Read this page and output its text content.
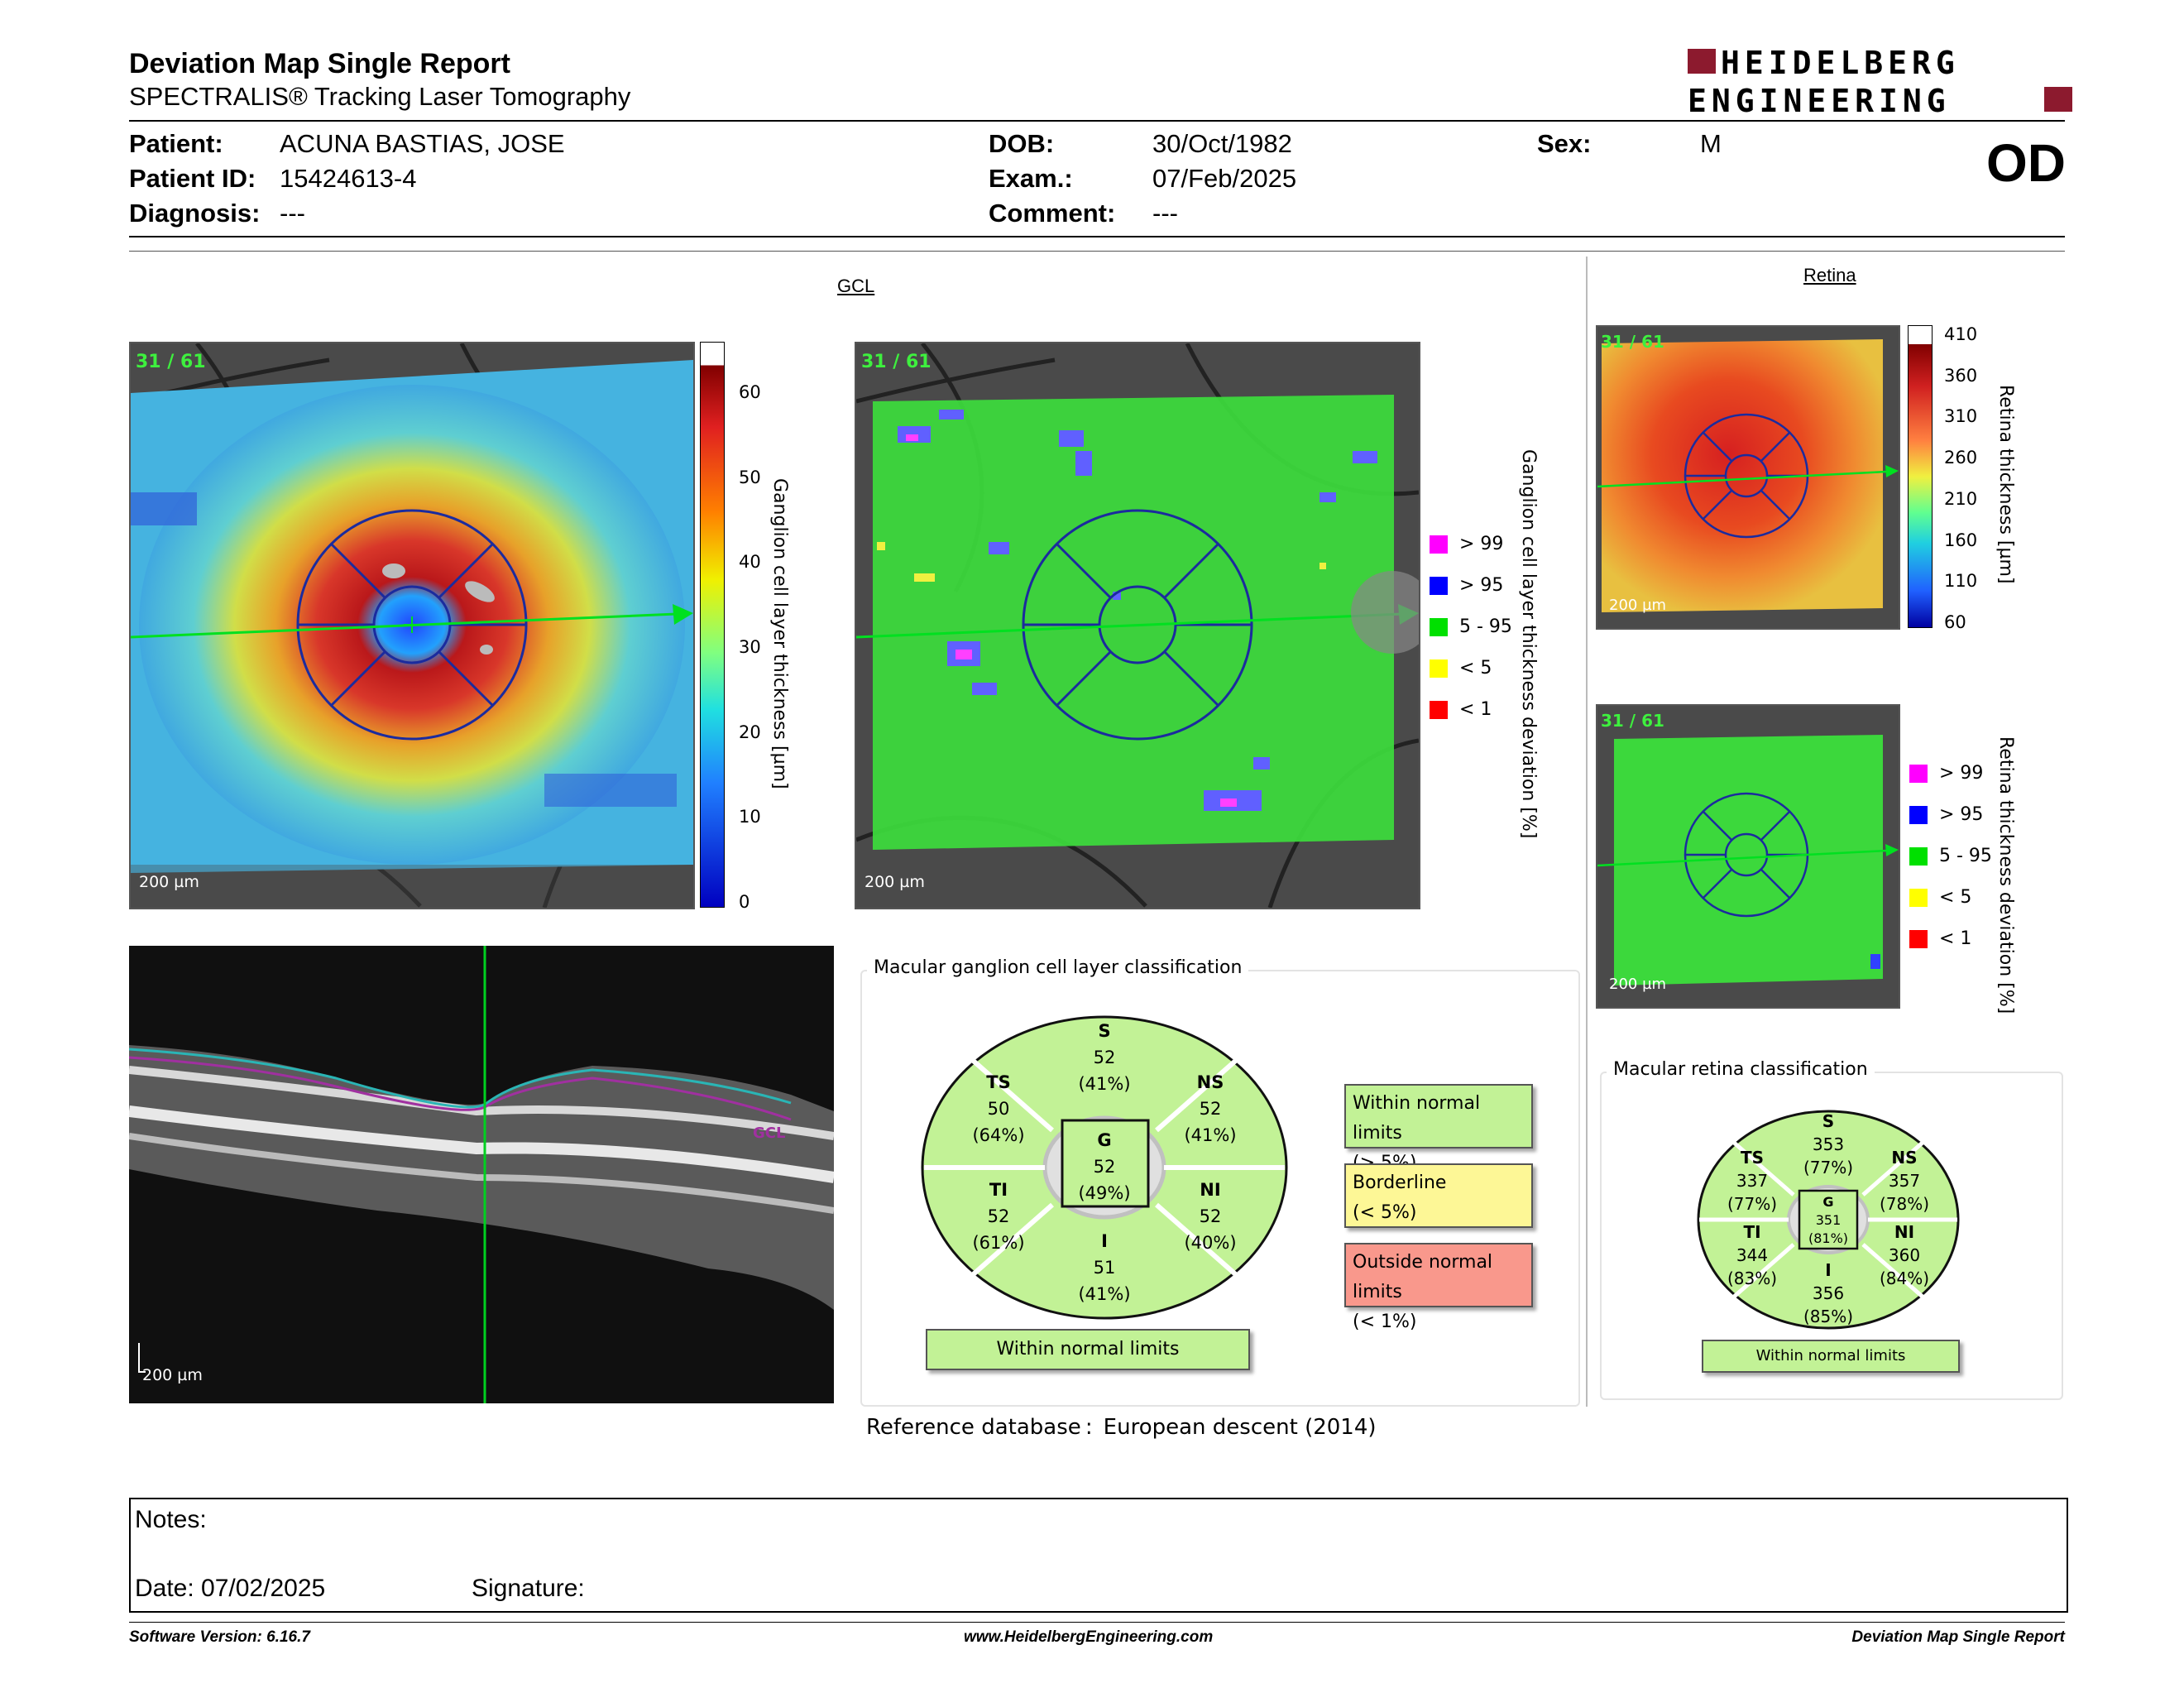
Deviation Map Single Report
SPECTRALIS® Tracking Laser Tomography
HEIDELBERG
ENGINEERING
Patient: ACUNA BASTIAS, JOSE
Patient ID: 15424613-4
Diagnosis: ---
DOB:	30/Oct/1982
Exam.:	07/Feb/2025
Comment: ---
Sex:	M	OD
GCL
31 / 61
200 µm
60
50
40
30
20
10
0
Ganglion cell layer thickness [µm]
31 / 61
200 µm
> 99
> 95
5 - 95
< 5
< 1	Ganglion cell layer thickness deviation [%]
GCL
200 µm
Macular ganglion cell layer classification
S
52
(41%)
TS
50
(64%)
NS
52
(41%)
G
52
(49%)
TI
52
(61%)
NI
52
(40%)
I
51
(41%)
Within normal limits
Within normal limits
Borderline
(< 5%)
Outside normal limits
(< 1%)
Reference database : European descent (2014)
Retina
31 / 61
200 µm
410
360
310
260
210
160
110
60
Retina thickness [µm]
31 / 61
200 µm
> 99
> 95
5 - 95
< 5
< 1	Retina thickness deviation [%]
Macular retina classification
S
353
(77%)
TS
337
(77%)
NS
357
(78%)
G
351
(81%)
TI
344
(83%)
NI
360
(84%)
I
356
(85%)
Within normal limits
Notes:
Date: 07/02/2025	Signature:
Software Version: 6.16.7	www.HeidelbergEngineering.com	Deviation Map Single Report
